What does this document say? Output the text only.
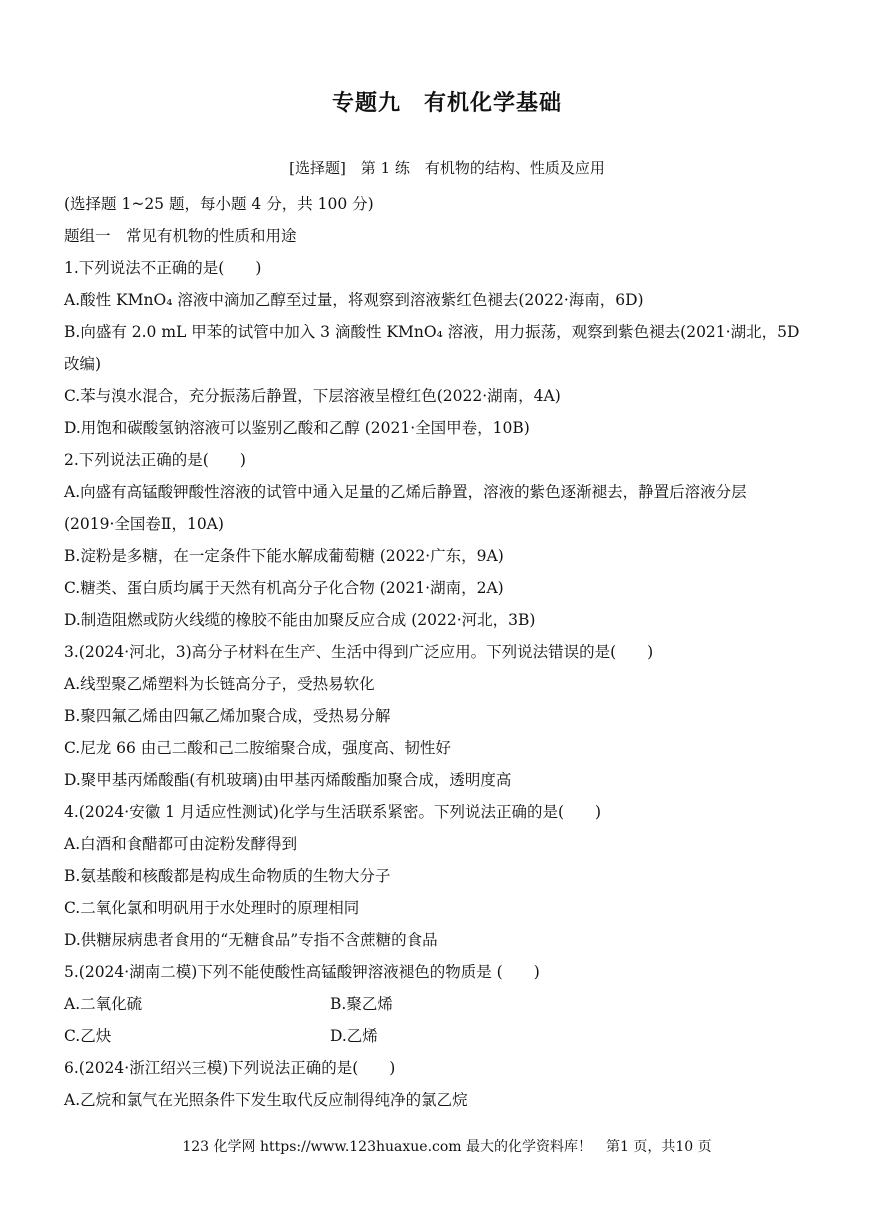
专题九　有机化学基础
[选择题]　第 1 练　有机物的结构、性质及应用
(选择题 1~25 题，每小题 4 分，共 100 分)
题组一　常见有机物的性质和用途
1.下列说法不正确的是(　　)
A.酸性 KMnO₄ 溶液中滴加乙醇至过量，将观察到溶液紫红色褪去(2022·海南，6D)
B.向盛有 2.0 mL 甲苯的试管中加入 3 滴酸性 KMnO₄ 溶液，用力振荡，观察到紫色褪去(2021·湖北，5D
改编)
C.苯与溴水混合，充分振荡后静置，下层溶液呈橙红色(2022·湖南，4A)
D.用饱和碳酸氢钠溶液可以鉴别乙酸和乙醇 (2021·全国甲卷，10B)
2.下列说法正确的是(　　)
A.向盛有高锰酸钾酸性溶液的试管中通入足量的乙烯后静置，溶液的紫色逐渐褪去，静置后溶液分层
(2019·全国卷Ⅱ，10A)
B.淀粉是多糖，在一定条件下能水解成葡萄糖 (2022·广东，9A)
C.糖类、蛋白质均属于天然有机高分子化合物 (2021·湖南，2A)
D.制造阻燃或防火线缆的橡胶不能由加聚反应合成 (2022·河北，3B)
3.(2024·河北，3)高分子材料在生产、生活中得到广泛应用。下列说法错误的是(　　)
A.线型聚乙烯塑料为长链高分子，受热易软化
B.聚四氟乙烯由四氟乙烯加聚合成，受热易分解
C.尼龙 66 由己二酸和己二胺缩聚合成，强度高、韧性好
D.聚甲基丙烯酸酯(有机玻璃)由甲基丙烯酸酯加聚合成，透明度高
4.(2024·安徽 1 月适应性测试)化学与生活联系紧密。下列说法正确的是(　　)
A.白酒和食醋都可由淀粉发酵得到
B.氨基酸和核酸都是构成生命物质的生物大分子
C.二氧化氯和明矾用于水处理时的原理相同
D.供糖尿病患者食用的“无糖食品”专指不含蔗糖的食品
5.(2024·湖南二模)下列不能使酸性高锰酸钾溶液褪色的物质是 (　　)
A.二氧化硫	B.聚乙烯
C.乙炔	D.乙烯
6.(2024·浙江绍兴三模)下列说法正确的是(　　)
A.乙烷和氯气在光照条件下发生取代反应制得纯净的氯乙烷
123 化学网 https://www.123huaxue.com 最大的化学资料库！　第1 页，共10 页
